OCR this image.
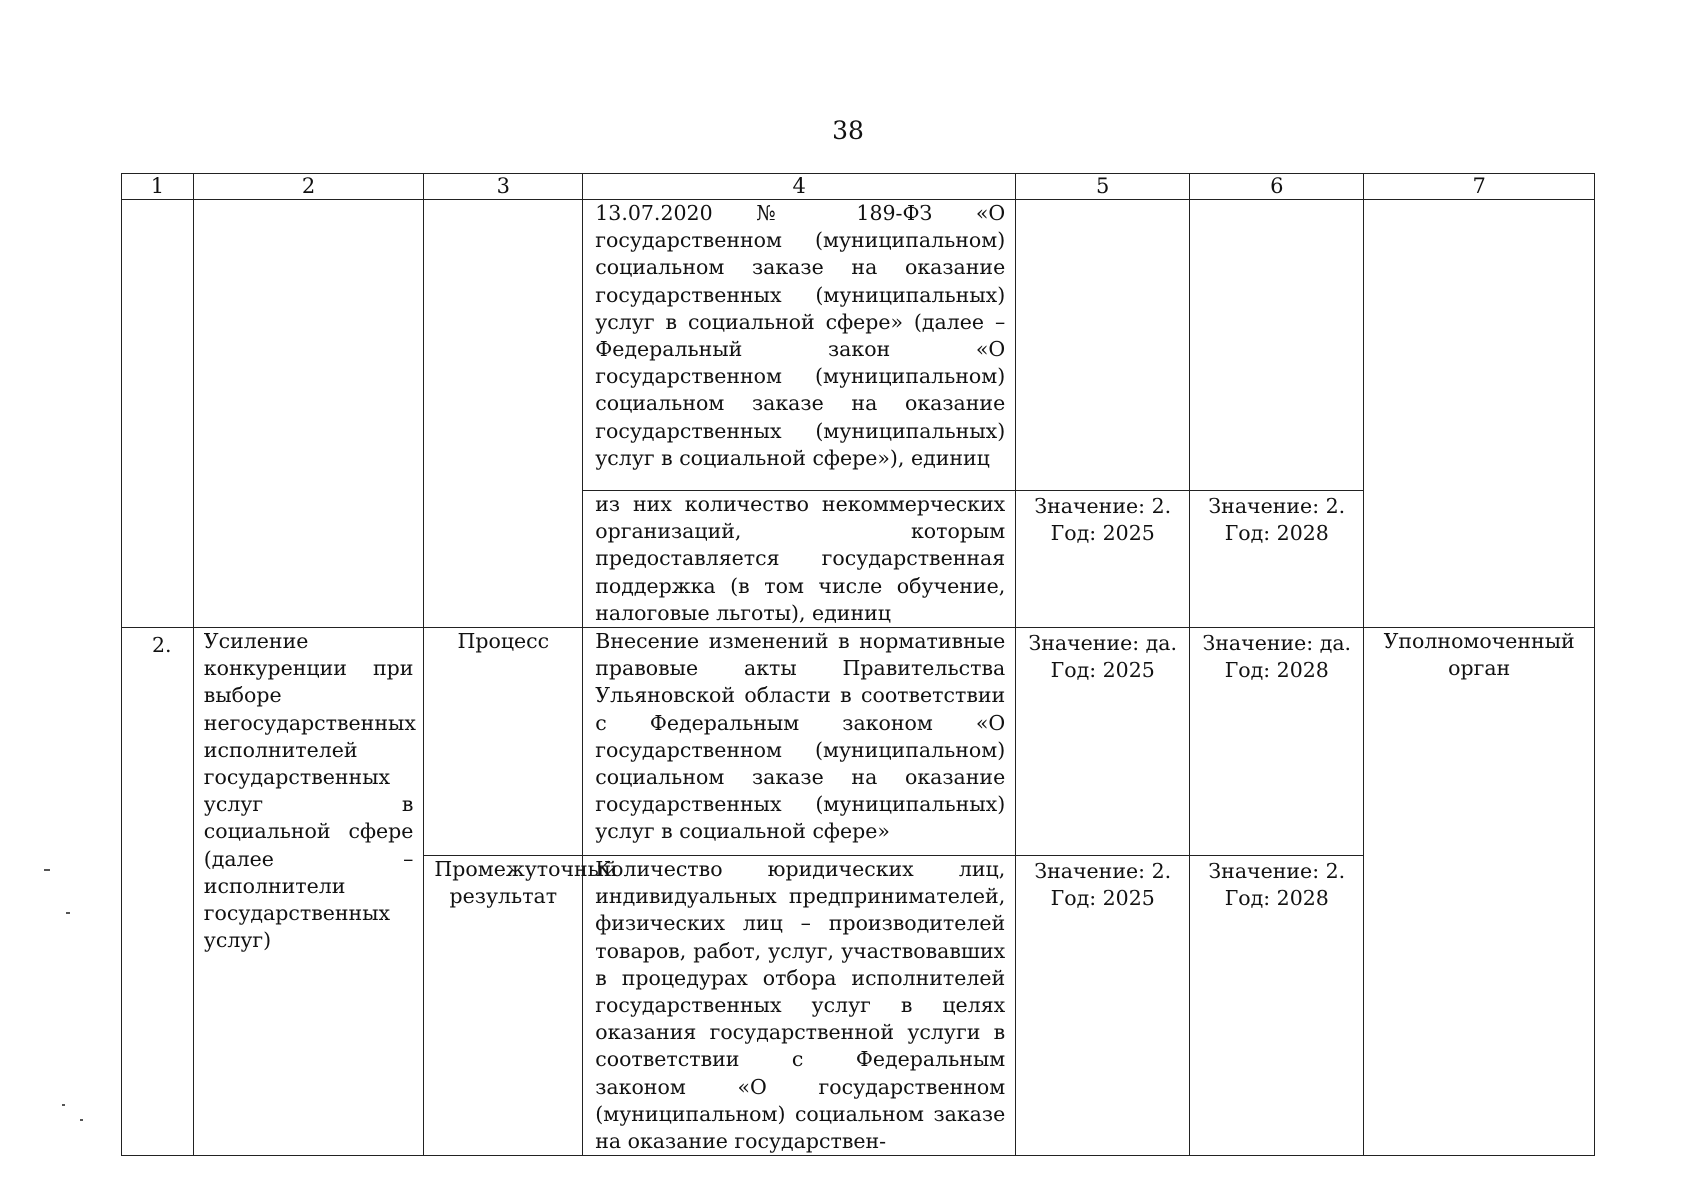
38
1	2	3	4	5	6	7
			13.07.2020 № 189-ФЗ «О государственном (муниципальном) социальном заказе на оказание государственных (муниципальных) услуг в социальной сфере» (далее – Федеральный закон «О государственном (муниципальном) социальном заказе на оказание государственных (муниципальных) услуг в социальной сфере»), единиц			
			из них количество некоммерческих организаций, которым предоставляется государственная поддержка (в том числе обучение, налоговые льготы), единиц	Значение: 2. Год: 2025	Значение: 2. Год: 2028	
2.	Усиление конкуренции при выборе негосударственных исполнителей государственных услуг в социальной сфере (далее – исполнители государственных услуг)	Процесс	Внесение изменений в нормативные правовые акты Правительства Ульяновской области в соответствии с Федеральным законом «О государственном (муниципальном) социальном заказе на оказание государственных (муниципальных) услуг в социальной сфере»	Значение: да. Год: 2025	Значение: да. Год: 2028	Уполномоченный орган
		Промежуточный результат	Количество юридических лиц, индивидуальных предпринимателей, физических лиц – производителей товаров, работ, услуг, участвовавших в процедурах отбора исполнителей государственных услуг в целях оказания государственной услуги в соответствии с Федеральным законом «О государственном (муниципальном) социальном заказе на оказание государствен-	Значение: 2. Год: 2025	Значение: 2. Год: 2028	
